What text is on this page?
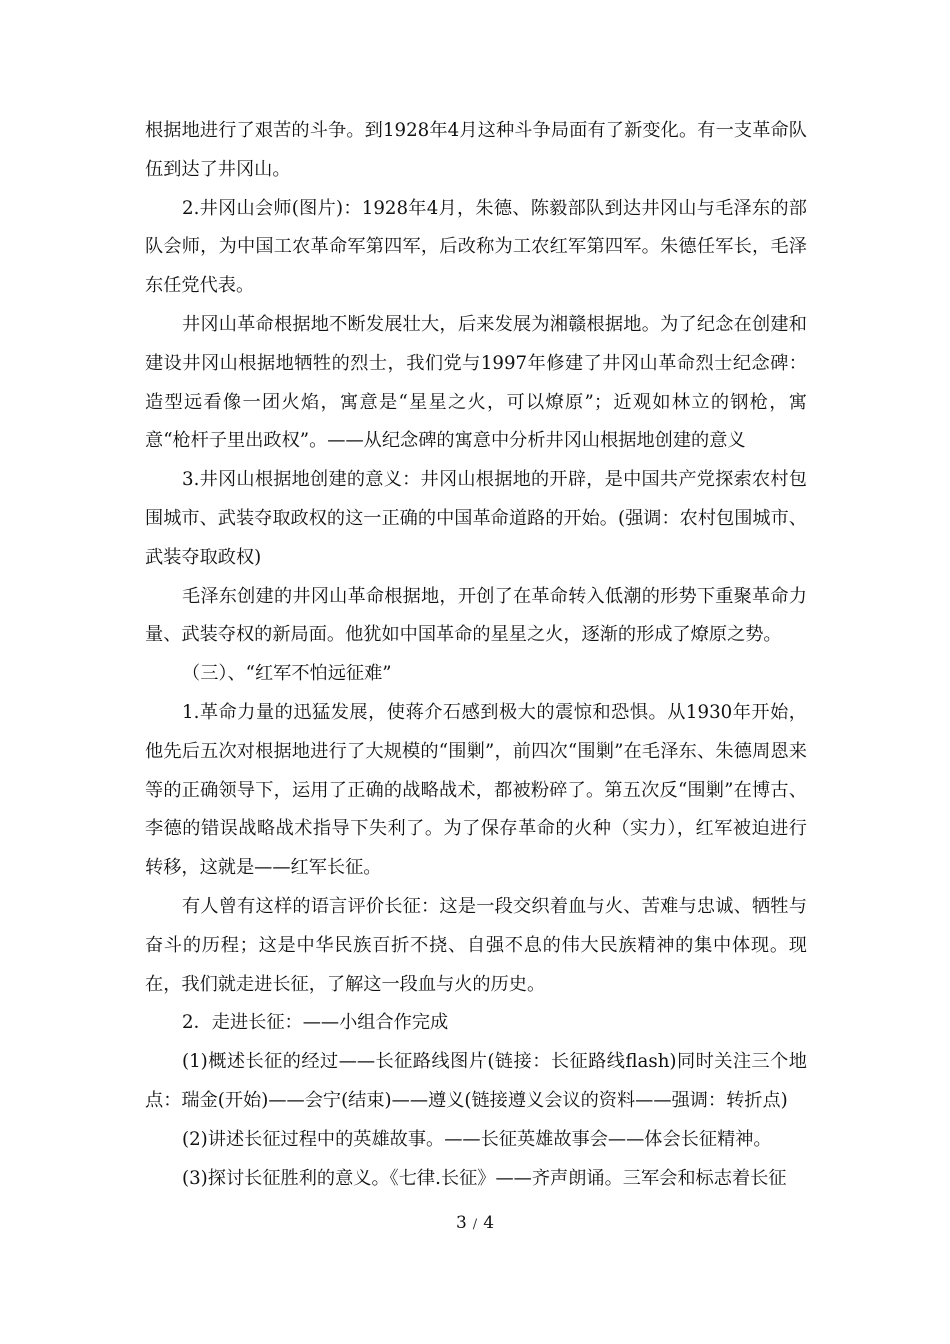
根据地进行了艰苦的斗争。到1928年4月这种斗争局面有了新变化。有一支革命队伍到达了井冈山。

2.井冈山会师(图片)：1928年4月，朱德、陈毅部队到达井冈山与毛泽东的部队会师，为中国工农革命军第四军，后改称为工农红军第四军。朱德任军长，毛泽东任党代表。

井冈山革命根据地不断发展壮大，后来发展为湘赣根据地。为了纪念在创建和建设井冈山根据地牺牲的烈士，我们党与1997年修建了井冈山革命烈士纪念碑：造型远看像一团火焰，寓意是“星星之火，可以燎原”；近观如林立的钢枪，寓意“枪杆子里出政权”。——从纪念碑的寓意中分析井冈山根据地创建的意义

3.井冈山根据地创建的意义：井冈山根据地的开辟，是中国共产党探索农村包围城市、武装夺取政权的这一正确的中国革命道路的开始。(强调：农村包围城市、武装夺取政权)

毛泽东创建的井冈山革命根据地，开创了在革命转入低潮的形势下重聚革命力量、武装夺权的新局面。他犹如中国革命的星星之火，逐渐的形成了燎原之势。

（三）、“红军不怕远征难”

1.革命力量的迅猛发展，使蒋介石感到极大的震惊和恐惧。从1930年开始，他先后五次对根据地进行了大规模的“围剿”，前四次“围剿”在毛泽东、朱德周恩来等的正确领导下，运用了正确的战略战术，都被粉碎了。第五次反“围剿”在博古、李德的错误战略战术指导下失利了。为了保存革命的火种（实力），红军被迫进行转移，这就是——红军长征。

有人曾有这样的语言评价长征：这是一段交织着血与火、苦难与忠诚、牺牲与奋斗的历程；这是中华民族百折不挠、自强不息的伟大民族精神的集中体现。现在，我们就走进长征，了解这一段血与火的历史。

2．走进长征：——小组合作完成

(1)概述长征的经过——长征路线图片(链接：长征路线flash)同时关注三个地点：瑞金(开始)——会宁(结束)——遵义(链接遵义会议的资料——强调：转折点)

(2)讲述长征过程中的英雄故事。——长征英雄故事会——体会长征精神。

(3)探讨长征胜利的意义。《七律.长征》——齐声朗诵。三军会和标志着长征

3 / 4
